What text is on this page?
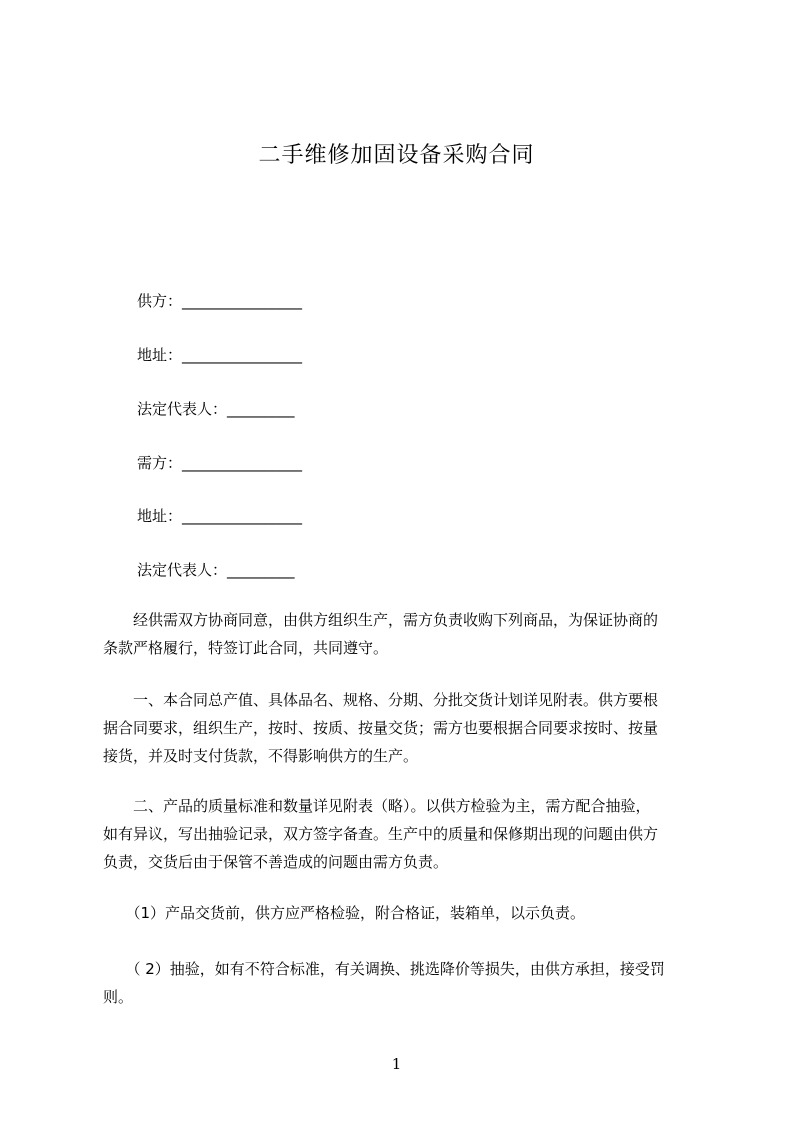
二手维修加固设备采购合同
供方：________________
地址：________________
法定代表人：_________
需方：________________
地址：________________
法定代表人：_________

　　经供需双方协商同意，由供方组织生产，需方负责收购下列商品，为保证协商的
条款严格履行，特签订此合同，共同遵守。

　　一、本合同总产值、具体品名、规格、分期、分批交货计划详见附表。供方要根
据合同要求，组织生产，按时、按质、按量交货；需方也要根据合同要求按时、按量
接货，并及时支付货款，不得影响供方的生产。

　　二、产品的质量标准和数量详见附表（略）。以供方检验为主，需方配合抽验，
如有异议，写出抽验记录，双方签字备查。生产中的质量和保修期出现的问题由供方
负责，交货后由于保管不善造成的问题由需方负责。

　　（1）产品交货前，供方应严格检验，附合格证，装箱单，以示负责。

　　（ 2）抽验，如有不符合标准，有关调换、挑选降价等损失，由供方承担，接受罚
则。

1
